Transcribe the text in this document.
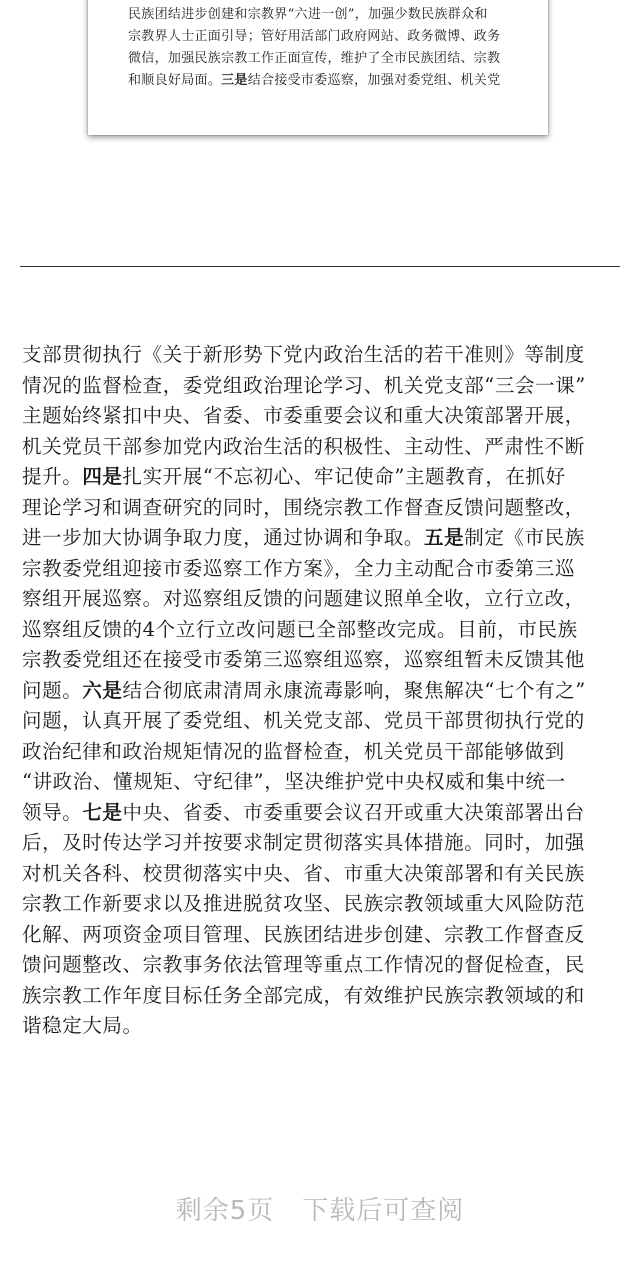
民族团结进步创建和宗教界“六进一创”，加强少数民族群众和
宗教界人士正面引导；管好用活部门政府网站、政务微博、政务
微信，加强民族宗教工作正面宣传，维护了全市民族团结、宗教
和顺良好局面。三是结合接受市委巡察，加强对委党组、机关党
支部贯彻执行《关于新形势下党内政治生活的若干准则》等制度
情况的监督检查，委党组政治理论学习、机关党支部“三会一课”
主题始终紧扣中央、省委、市委重要会议和重大决策部署开展，
机关党员干部参加党内政治生活的积极性、主动性、严肃性不断
提升。四是扎实开展“不忘初心、牢记使命”主题教育，在抓好
理论学习和调查研究的同时，围绕宗教工作督查反馈问题整改，
进一步加大协调争取力度，通过协调和争取。五是制定《市民族
宗教委党组迎接市委巡察工作方案》，全力主动配合市委第三巡
察组开展巡察。对巡察组反馈的问题建议照单全收，立行立改，
巡察组反馈的4个立行立改问题已全部整改完成。目前，市民族
宗教委党组还在接受市委第三巡察组巡察，巡察组暂未反馈其他
问题。六是结合彻底肃清周永康流毒影响，聚焦解决“七个有之”
问题，认真开展了委党组、机关党支部、党员干部贯彻执行党的
政治纪律和政治规矩情况的监督检查，机关党员干部能够做到
“讲政治、懂规矩、守纪律”，坚决维护党中央权威和集中统一
领导。七是中央、省委、市委重要会议召开或重大决策部署出台
后，及时传达学习并按要求制定贯彻落实具体措施。同时，加强
对机关各科、校贯彻落实中央、省、市重大决策部署和有关民族
宗教工作新要求以及推进脱贫攻坚、民族宗教领域重大风险防范
化解、两项资金项目管理、民族团结进步创建、宗教工作督查反
馈问题整改、宗教事务依法管理等重点工作情况的督促检查，民
族宗教工作年度目标任务全部完成，有效维护民族宗教领域的和
谐稳定大局。
剩余5页 下载后可查阅
